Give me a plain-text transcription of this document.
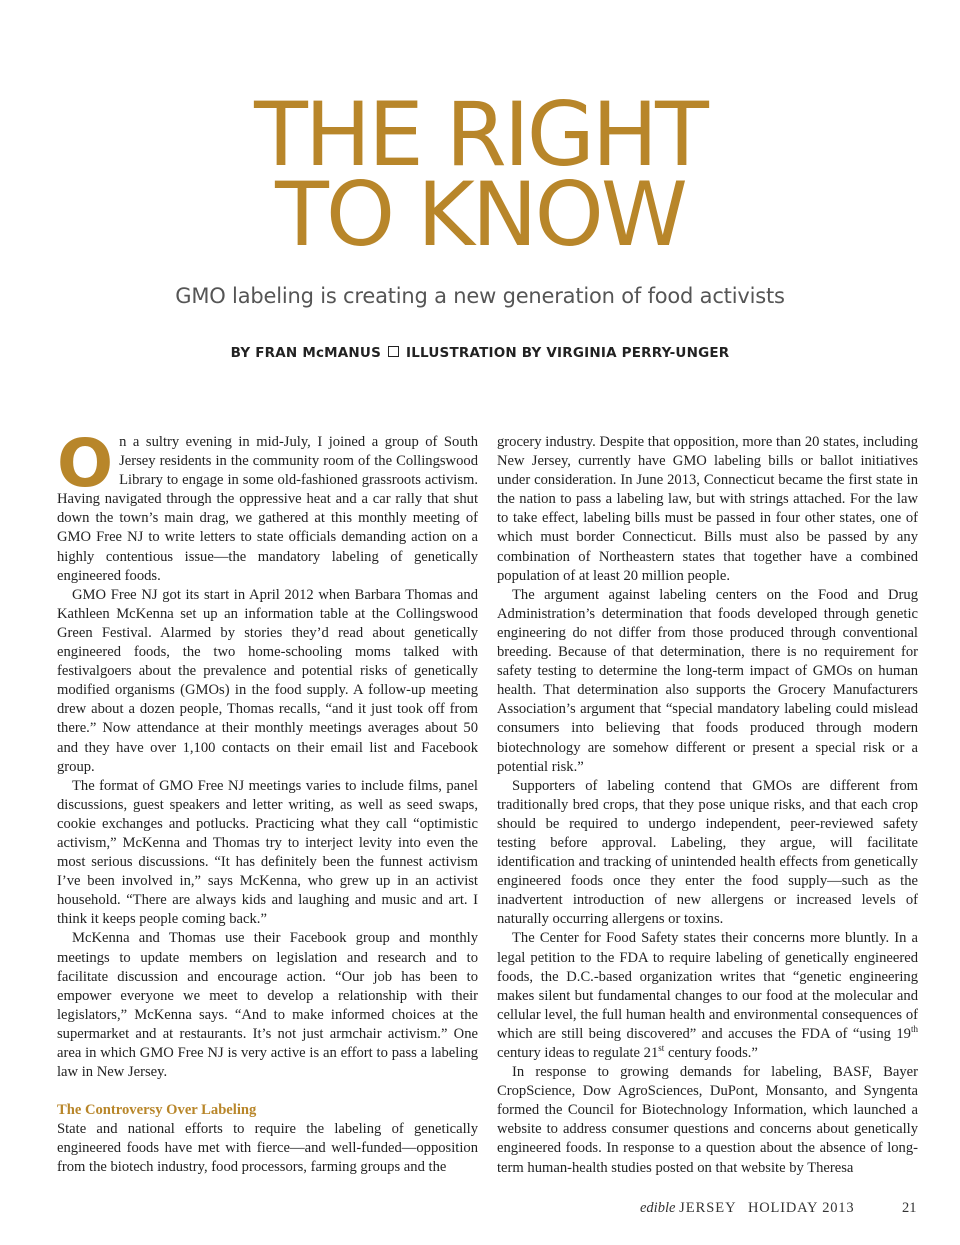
THE RIGHT
TO KNOW

GMO labeling is creating a new generation of food activists

BY FRAN McMANUS ILLUSTRATION BY VIRGINIA PERRY-UNGER

On a sultry evening in mid-July, I joined a group of South Jersey residents in the community room of the Collingswood Library to engage in some old-fashioned grassroots activism. Having navigated through the oppressive heat and a car rally that shut down the town’s main drag, we gathered at this monthly meeting of GMO Free NJ to write letters to state officials demanding action on a highly contentious issue—the mandatory labeling of genetically engineered foods.

GMO Free NJ got its start in April 2012 when Barbara Thomas and Kathleen McKenna set up an information table at the Collingswood Green Festival. Alarmed by stories they’d read about genetically engineered foods, the two home-schooling moms talked with festivalgoers about the prevalence and potential risks of genetically modified organisms (GMOs) in the food supply. A follow-up meeting drew about a dozen people, Thomas recalls, “and it just took off from there.” Now attendance at their monthly meetings averages about 50 and they have over 1,100 contacts on their email list and Facebook group.

The format of GMO Free NJ meetings varies to include films, panel discussions, guest speakers and letter writing, as well as seed swaps, cookie exchanges and potlucks. Practicing what they call “optimistic activism,” McKenna and Thomas try to interject levity into even the most serious discussions. “It has definitely been the funnest activism I’ve been involved in,” says McKenna, who grew up in an activist household. “There are always kids and laughing and music and art. I think it keeps people coming back.”

McKenna and Thomas use their Facebook group and monthly meetings to update members on legislation and research and to facilitate discussion and encourage action. “Our job has been to empower everyone we meet to develop a relationship with their legislators,” McKenna says. “And to make informed choices at the supermarket and at restaurants. It’s not just armchair activism.” One area in which GMO Free NJ is very active is an effort to pass a labeling law in New Jersey.

The Controversy Over Labeling

State and national efforts to require the labeling of genetically engineered foods have met with fierce—and well-funded—opposition from the biotech industry, food processors, farming groups and the

grocery industry. Despite that opposition, more than 20 states, including New Jersey, currently have GMO labeling bills or ballot initiatives under consideration. In June 2013, Connecticut became the first state in the nation to pass a labeling law, but with strings attached. For the law to take effect, labeling bills must be passed in four other states, one of which must border Connecticut. Bills must also be passed by any combination of Northeastern states that together have a combined population of at least 20 million people.

The argument against labeling centers on the Food and Drug Administration’s determination that foods developed through genetic engineering do not differ from those produced through conventional breeding. Because of that determination, there is no requirement for safety testing to determine the long-term impact of GMOs on human health. That determination also supports the Grocery Manufacturers Association’s argument that “special mandatory labeling could mislead consumers into believing that foods produced through modern biotechnology are somehow different or present a special risk or a potential risk.”

Supporters of labeling contend that GMOs are different from traditionally bred crops, that they pose unique risks, and that each crop should be required to undergo independent, peer-reviewed safety testing before approval. Labeling, they argue, will facilitate identification and tracking of unintended health effects from genetically engineered foods once they enter the food supply—such as the inadvertent introduction of new allergens or increased levels of naturally occurring allergens or toxins.

The Center for Food Safety states their concerns more bluntly. In a legal petition to the FDA to require labeling of genetically engineered foods, the D.C.-based organization writes that “genetic engineering makes silent but fundamental changes to our food at the molecular and cellular level, the full human health and environmental consequences of which are still being discovered” and accuses the FDA of “using 19th century ideas to regulate 21st century foods.”

In response to growing demands for labeling, BASF, Bayer CropScience, Dow AgroSciences, DuPont, Monsanto, and Syngenta formed the Council for Biotechnology Information, which launched a website to address consumer questions and concerns about genetically engineered foods. In response to a question about the absence of long-term human-health studies posted on that website by Theresa

edible JERSEY HOLIDAY 2013	21
